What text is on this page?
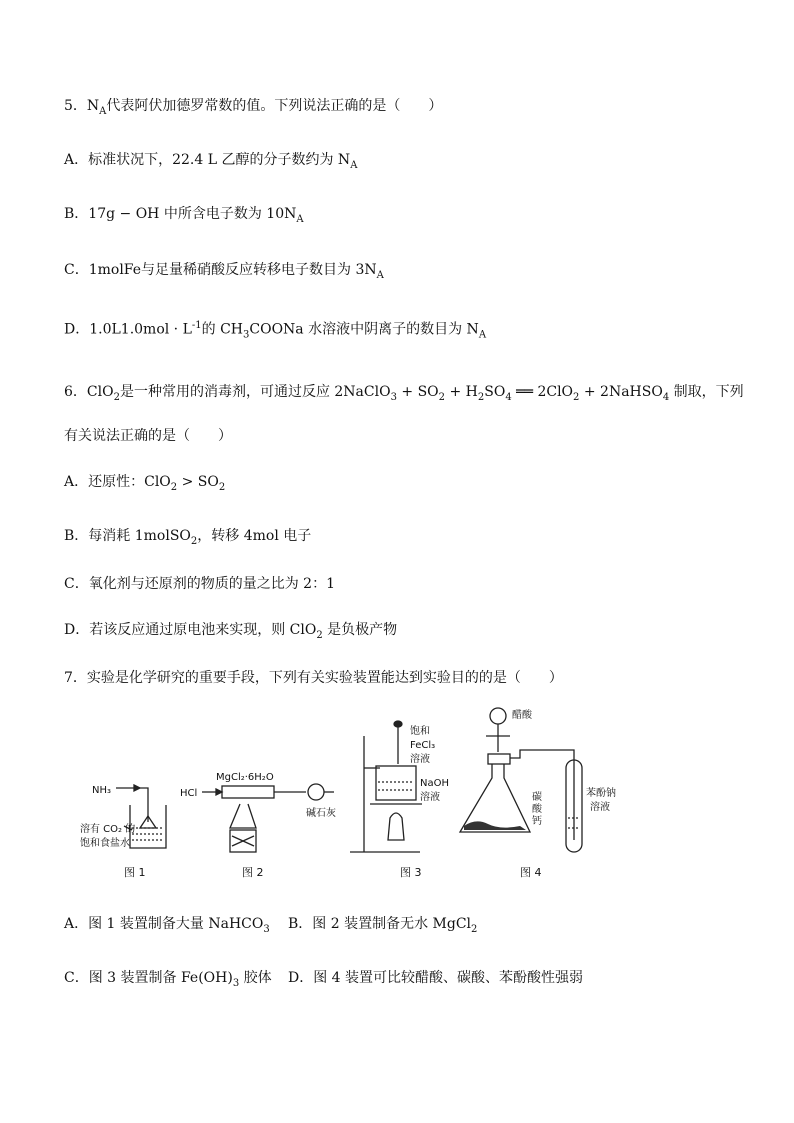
5．$N_A$代表阿伏加德罗常数的值。下列说法正确的是（　　）
A．标准状况下，22.4 L 乙醇的分子数约为 $N_A$
B．17g − OH 中所含电子数为 $10N_A$
C．1molFe与足量稀硝酸反应转移电子数目为 $3N_A$
D．$1.0L1.0mol \cdot L^{-1}$的 $CH_3COONa$ 水溶液中阴离子的数目为 $N_A$
6．ClO$_2$是一种常用的消毒剂，可通过反应 2NaClO$_3$ + $SO_2 + H_2SO_4$ ══ 2ClO$_2$ + 2NaHSO$_4$ 制取，下列
有关说法正确的是（　　）
A．还原性：$ClO_2 > SO_2$
B．每消耗 1molSO$_2$，转移 4mol 电子
C．氧化剂与还原剂的物质的量之比为 2：1
D．若该反应通过原电池来实现，则 ClO$_2$ 是负极产物
7．实验是化学研究的重要手段，下列有关实验装置能达到实验目的的是（　　）
NH₃
溶有 CO₂ 的
饱和食盐水
图 1
MgCl₂·6H₂O
HCl
碱石灰
图 2
饱和
FeCl₃
溶液
NaOH
溶液
图 3
醋酸
碳
酸
钙
苯酚钠
溶液
图 4
A．图 1 装置制备大量 NaHCO$_3$ B．图 2 装置制备无水 MgCl$_2$
C．图 3 装置制备 $Fe(OH)_3$ 胶体 D．图 4 装置可比较醋酸、碳酸、苯酚酸性强弱
